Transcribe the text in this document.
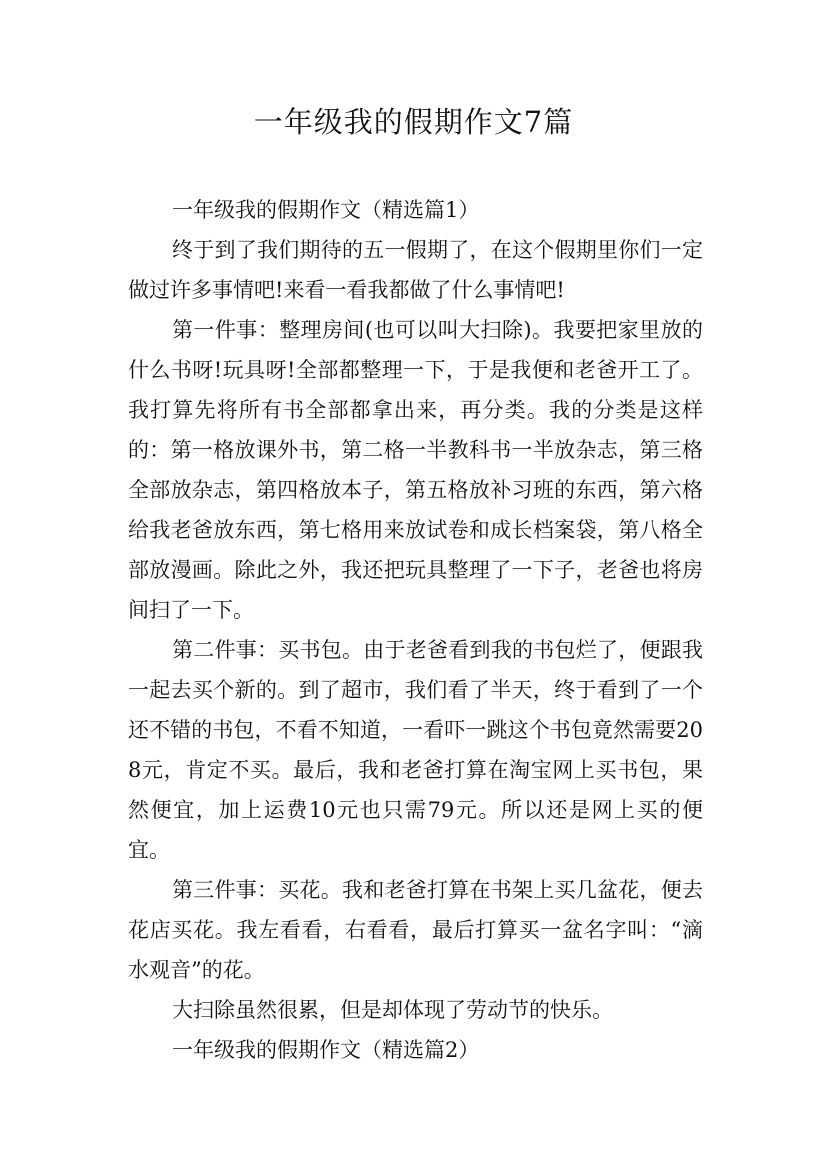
一年级我的假期作文7篇

一年级我的假期作文（精选篇1）

终于到了我们期待的五一假期了，在这个假期里你们一定做过许多事情吧!来看一看我都做了什么事情吧!

第一件事：整理房间(也可以叫大扫除)。我要把家里放的什么书呀!玩具呀!全部都整理一下，于是我便和老爸开工了。我打算先将所有书全部都拿出来，再分类。我的分类是这样的：第一格放课外书，第二格一半教科书一半放杂志，第三格全部放杂志，第四格放本子，第五格放补习班的东西，第六格给我老爸放东西，第七格用来放试卷和成长档案袋，第八格全部放漫画。除此之外，我还把玩具整理了一下子，老爸也将房间扫了一下。

第二件事：买书包。由于老爸看到我的书包烂了，便跟我一起去买个新的。到了超市，我们看了半天，终于看到了一个还不错的书包，不看不知道，一看吓一跳这个书包竟然需要208元，肯定不买。最后，我和老爸打算在淘宝网上买书包，果然便宜，加上运费10元也只需79元。所以还是网上买的便宜。

第三件事：买花。我和老爸打算在书架上买几盆花，便去花店买花。我左看看，右看看，最后打算买一盆名字叫：“滴水观音”的花。

大扫除虽然很累，但是却体现了劳动节的快乐。

一年级我的假期作文（精选篇2）
